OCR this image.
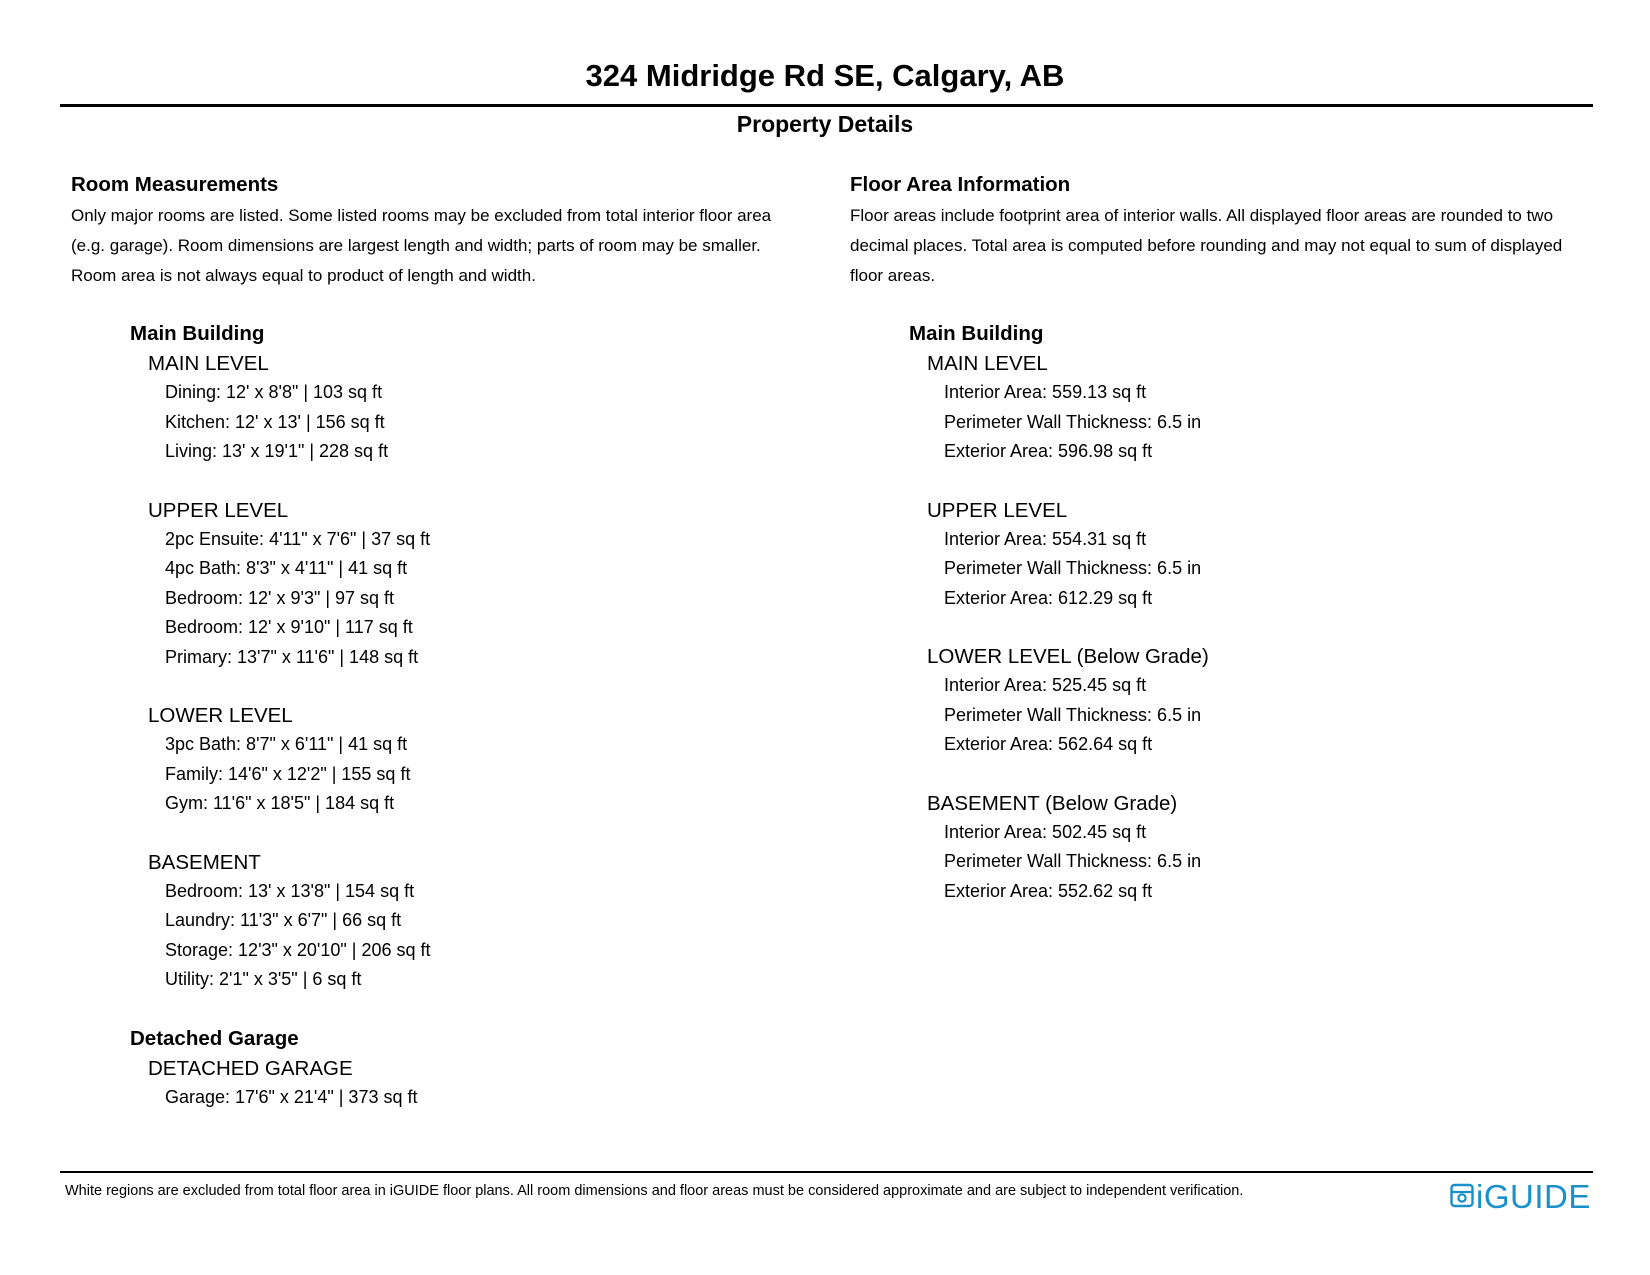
324 Midridge Rd SE, Calgary, AB
Property Details
Room Measurements
Only major rooms are listed. Some listed rooms may be excluded from total interior floor area
(e.g. garage). Room dimensions are largest length and width; parts of room may be smaller.
Room area is not always equal to product of length and width.
Main Building
MAIN LEVEL
Dining: 12' x 8'8" | 103 sq ft
Kitchen: 12' x 13' | 156 sq ft
Living: 13' x 19'1" | 228 sq ft
UPPER LEVEL
2pc Ensuite: 4'11" x 7'6" | 37 sq ft
4pc Bath: 8'3" x 4'11" | 41 sq ft
Bedroom: 12' x 9'3" | 97 sq ft
Bedroom: 12' x 9'10" | 117 sq ft
Primary: 13'7" x 11'6" | 148 sq ft
LOWER LEVEL
3pc Bath: 8'7" x 6'11" | 41 sq ft
Family: 14'6" x 12'2" | 155 sq ft
Gym: 11'6" x 18'5" | 184 sq ft
BASEMENT
Bedroom: 13' x 13'8" | 154 sq ft
Laundry: 11'3" x 6'7" | 66 sq ft
Storage: 12'3" x 20'10" | 206 sq ft
Utility: 2'1" x 3'5" | 6 sq ft
Detached Garage
DETACHED GARAGE
Garage: 17'6" x 21'4" | 373 sq ft
Floor Area Information
Floor areas include footprint area of interior walls. All displayed floor areas are rounded to two
decimal places. Total area is computed before rounding and may not equal to sum of displayed
floor areas.
Main Building
MAIN LEVEL
Interior Area: 559.13 sq ft
Perimeter Wall Thickness: 6.5 in
Exterior Area: 596.98 sq ft
UPPER LEVEL
Interior Area: 554.31 sq ft
Perimeter Wall Thickness: 6.5 in
Exterior Area: 612.29 sq ft
LOWER LEVEL (Below Grade)
Interior Area: 525.45 sq ft
Perimeter Wall Thickness: 6.5 in
Exterior Area: 562.64 sq ft
BASEMENT (Below Grade)
Interior Area: 502.45 sq ft
Perimeter Wall Thickness: 6.5 in
Exterior Area: 552.62 sq ft
White regions are excluded from total floor area in iGUIDE floor plans. All room dimensions and floor areas must be considered approximate and are subject to independent verification.	iGUIDE
